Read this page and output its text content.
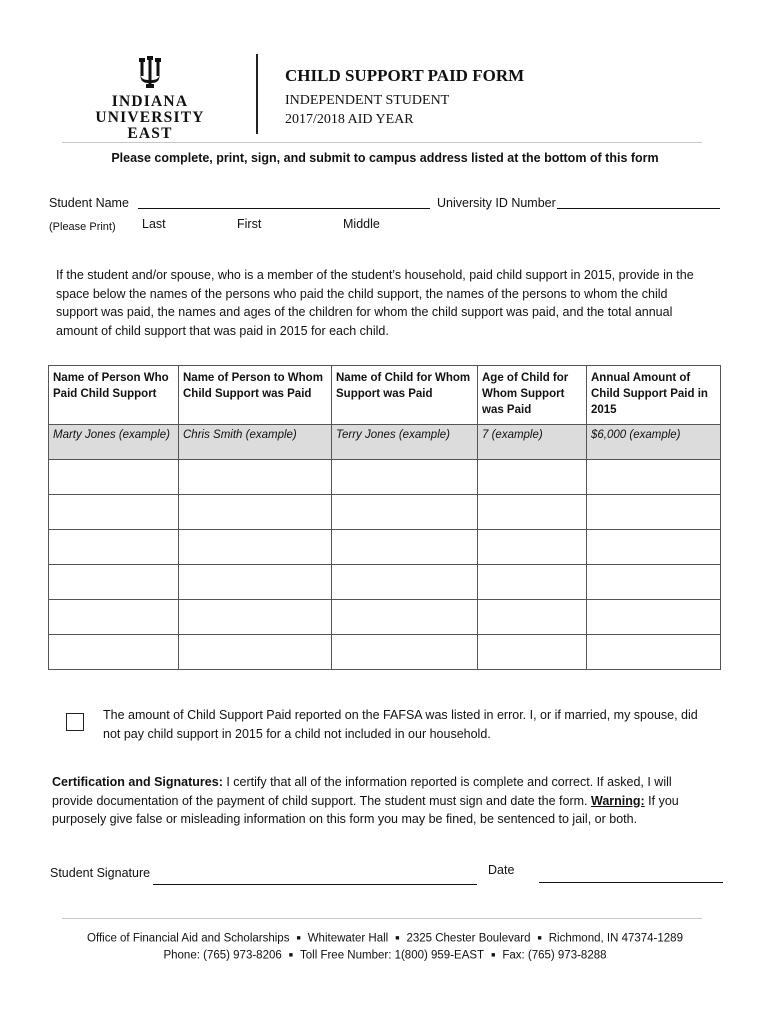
INDIANA UNIVERSITY
EAST
CHILD SUPPORT PAID FORM
INDEPENDENT STUDENT
2017/2018 AID YEAR
Please complete, print, sign, and submit to campus address listed at the bottom of this form
Student Name	University ID Number
(Please Print) Last	First	Middle
If the student and/or spouse, who is a member of the student’s household, paid child support in 2015, provide in the space below the names of the persons who paid the child support, the names of the persons to whom the child support was paid, the names and ages of the children for whom the child support was paid, and the total annual amount of child support that was paid in 2015 for each child.
Name of Person Who Paid Child Support	Name of Person to Whom Child Support was Paid	Name of Child for Whom Support was Paid	Age of Child for Whom Support was Paid	Annual Amount of Child Support Paid in 2015
Marty Jones (example)	Chris Smith (example)	Terry Jones (example)	7 (example)	$6,000 (example)

The amount of Child Support Paid reported on the FAFSA was listed in error. I, or if married, my spouse, did not pay child support in 2015 for a child not included in our household.
Certification and Signatures: I certify that all of the information reported is complete and correct. If asked, I will provide documentation of the payment of child support. The student must sign and date the form. Warning: If you purposely give false or misleading information on this form you may be fined, be sentenced to jail, or both.
Student Signature	Date
Office of Financial Aid and Scholarships ■ Whitewater Hall ■ 2325 Chester Boulevard ■ Richmond, IN 47374-1289
Phone: (765) 973-8206 ■ Toll Free Number: 1(800) 959-EAST ■ Fax: (765) 973-8288
